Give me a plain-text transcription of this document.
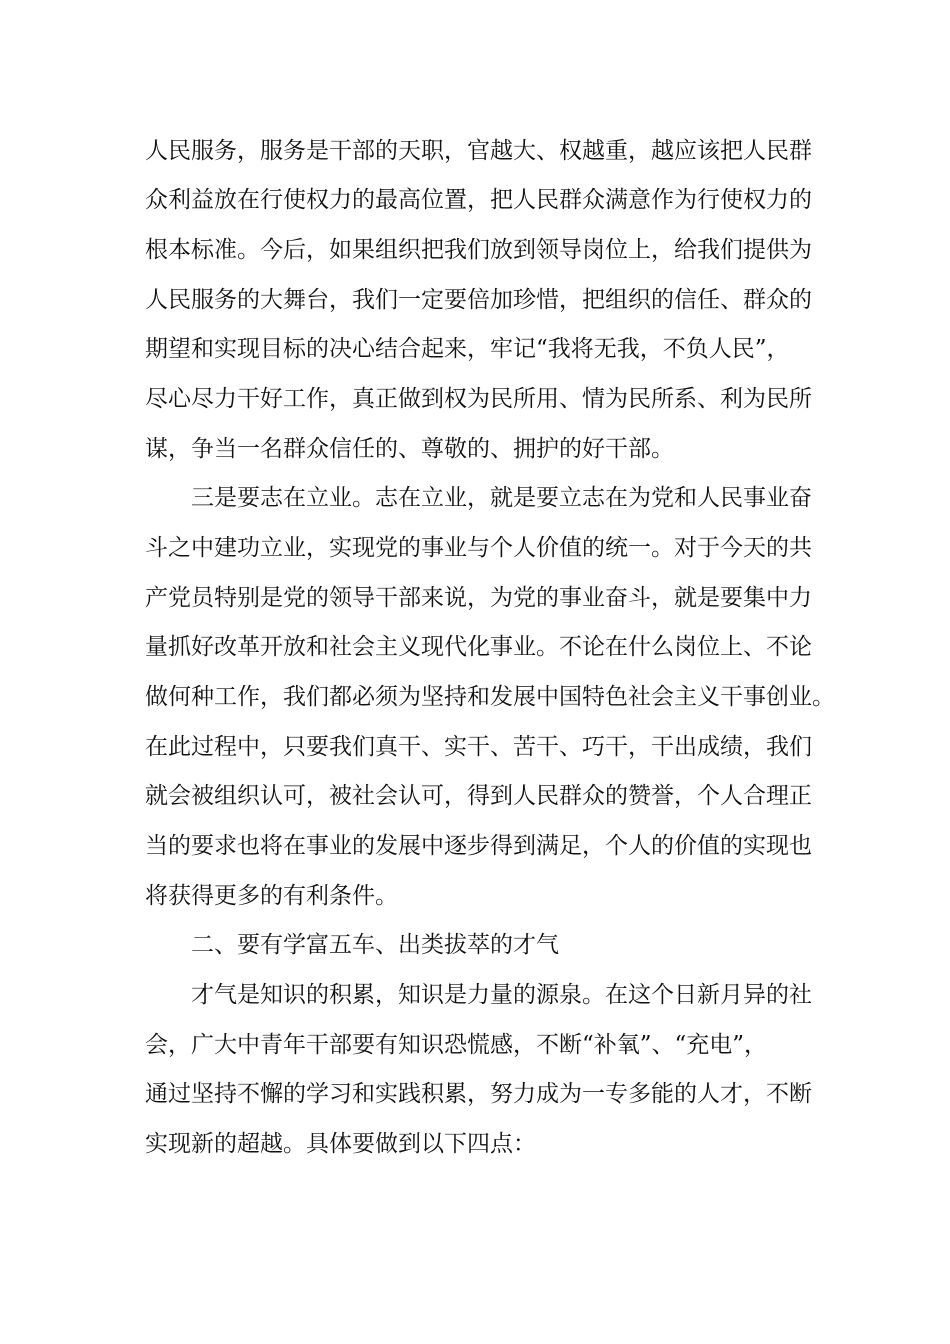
人民服务，服务是干部的天职，官越大、权越重，越应该把人民群
众利益放在行使权力的最高位置，把人民群众满意作为行使权力的
根本标准。今后，如果组织把我们放到领导岗位上，给我们提供为
人民服务的大舞台，我们一定要倍加珍惜，把组织的信任、群众的
期望和实现目标的决心结合起来，牢记“我将无我，不负人民”，
尽心尽力干好工作，真正做到权为民所用、情为民所系、利为民所
谋，争当一名群众信任的、尊敬的、拥护的好干部。
三是要志在立业。志在立业，就是要立志在为党和人民事业奋
斗之中建功立业，实现党的事业与个人价值的统一。对于今天的共
产党员特别是党的领导干部来说，为党的事业奋斗，就是要集中力
量抓好改革开放和社会主义现代化事业。不论在什么岗位上、不论
做何种工作，我们都必须为坚持和发展中国特色社会主义干事创业。
在此过程中，只要我们真干、实干、苦干、巧干，干出成绩，我们
就会被组织认可，被社会认可，得到人民群众的赞誉，个人合理正
当的要求也将在事业的发展中逐步得到满足，个人的价值的实现也
将获得更多的有利条件。
二、要有学富五车、出类拔萃的才气
才气是知识的积累，知识是力量的源泉。在这个日新月异的社
会，广大中青年干部要有知识恐慌感，不断“补氧”、“充电”，
通过坚持不懈的学习和实践积累，努力成为一专多能的人才，不断
实现新的超越。具体要做到以下四点：
